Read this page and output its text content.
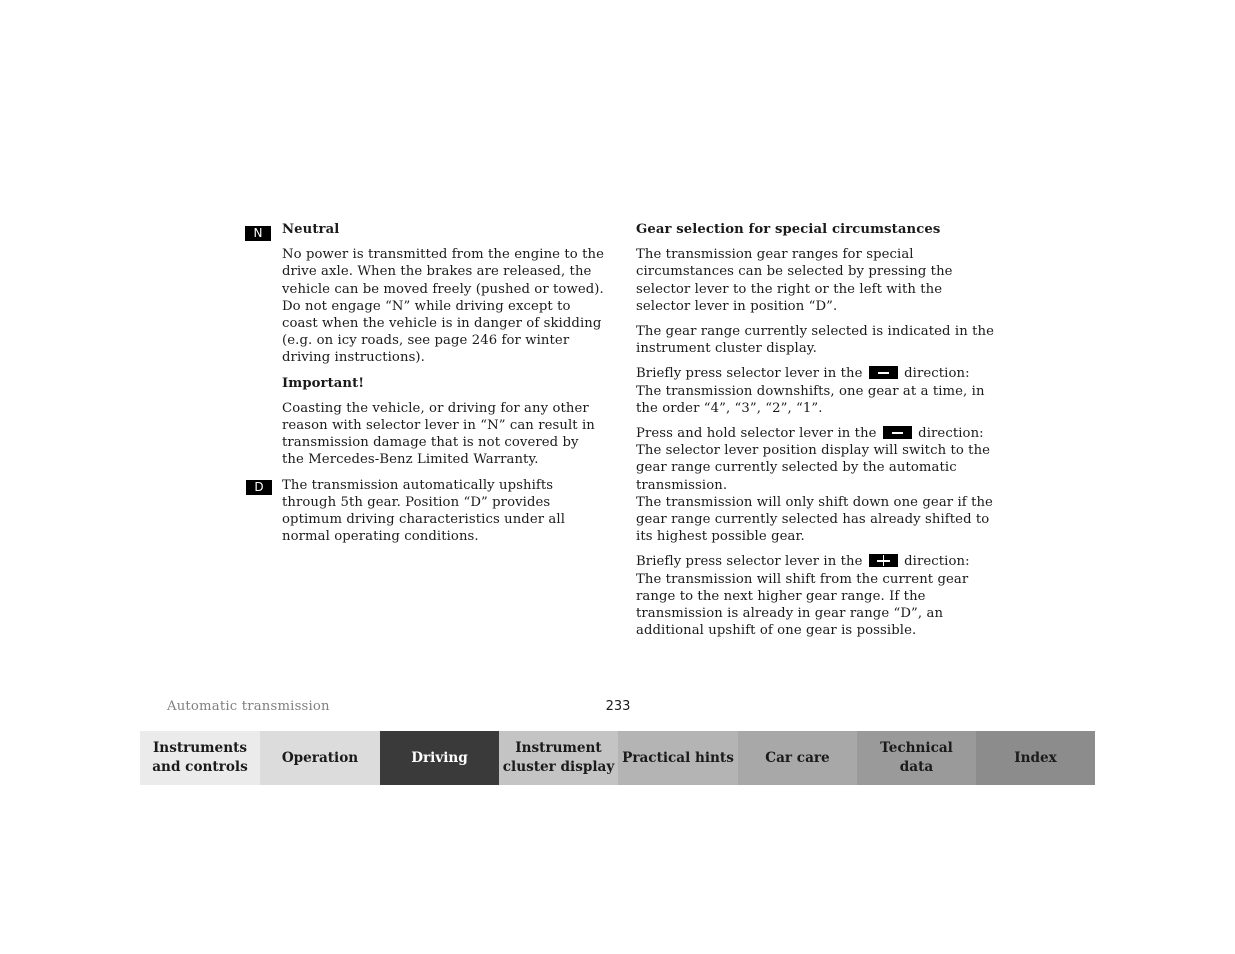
N
D

Neutral

No power is transmitted from the engine to the drive axle. When the brakes are released, the vehicle can be moved freely (pushed or towed). Do not engage “N” while driving except to coast when the vehicle is in danger of skidding (e.g. on icy roads, see page 246 for winter driving instructions).

Important!

Coasting the vehicle, or driving for any other reason with selector lever in “N” can result in transmission damage that is not covered by the Mercedes-Benz Limited Warranty.

The transmission automatically upshifts through 5th gear. Position “D” provides optimum driving characteristics under all normal operating conditions.

Gear selection for special circumstances

The transmission gear ranges for special circumstances can be selected by pressing the selector lever to the right or the left with the selector lever in position “D”.

The gear range currently selected is indicated in the instrument cluster display.

Briefly press selector lever in the	direction:
The transmission downshifts, one gear at a time, in the order “4”, “3”, “2”, “1”.

Press and hold selector lever in the	direction:
The selector lever position display will switch to the gear range currently selected by the automatic transmission.
The transmission will only shift down one gear if the gear range currently selected has already shifted to its highest possible gear.

Briefly press selector lever in the	direction:
The transmission will shift from the current gear range to the next higher gear range. If the transmission is already in gear range “D”, an additional upshift of one gear is possible.

Automatic transmission	233
Instruments
and controls
Operation	Driving
Instrument
cluster display
Practical hints Car care
Technical
data
Index
